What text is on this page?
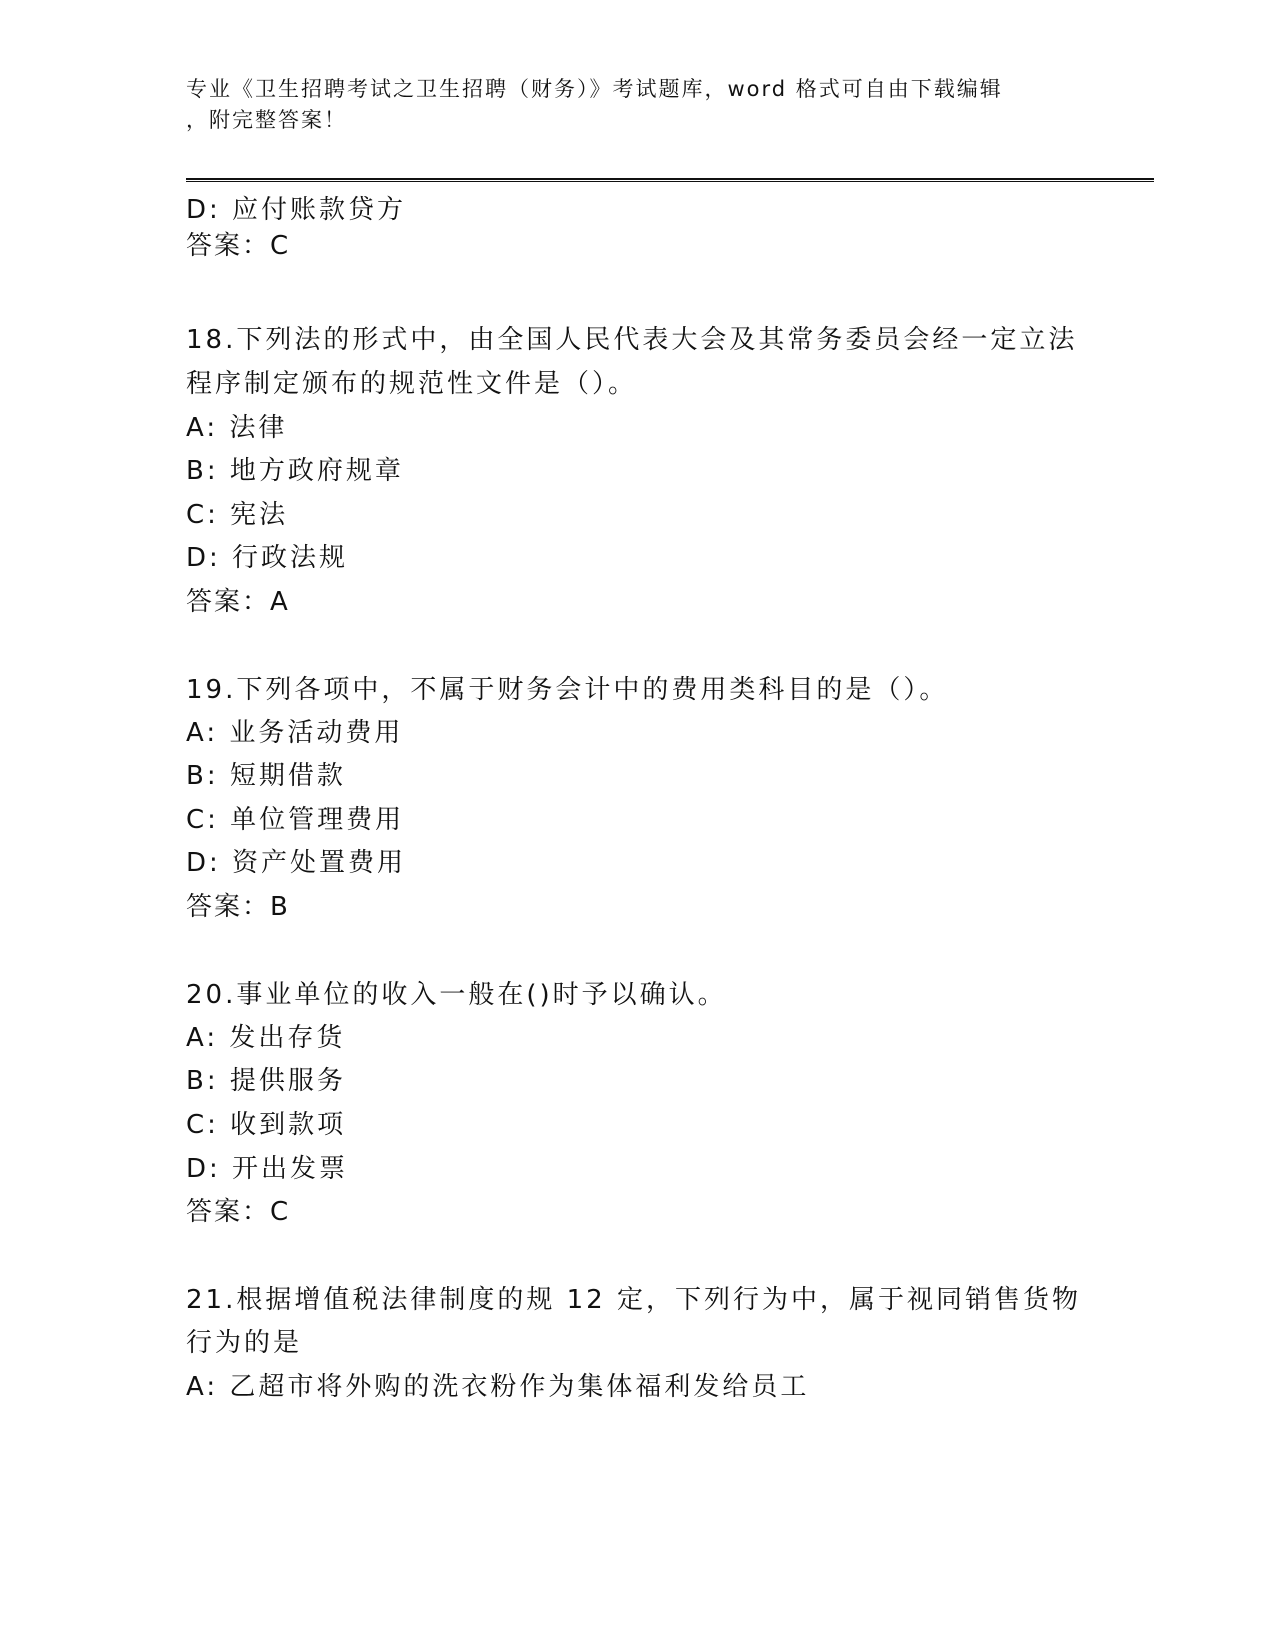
专业《卫生招聘考试之卫生招聘（财务）》考试题库，word 格式可自由下载编辑
，附完整答案！
D: 应付账款贷方
答案：C
18.下列法的形式中，由全国人民代表大会及其常务委员会经一定立法
程序制定颁布的规范性文件是（）。
A: 法律
B: 地方政府规章
C: 宪法
D: 行政法规
答案：A
19.下列各项中，不属于财务会计中的费用类科目的是（）。
A: 业务活动费用
B: 短期借款
C: 单位管理费用
D: 资产处置费用
答案：B
20.事业单位的收入一般在()时予以确认。
A: 发出存货
B: 提供服务
C: 收到款项
D: 开出发票
答案：C
21.根据增值税法律制度的规 12 定，下列行为中，属于视同销售货物
行为的是
A: 乙超市将外购的洗衣粉作为集体福利发给员工
